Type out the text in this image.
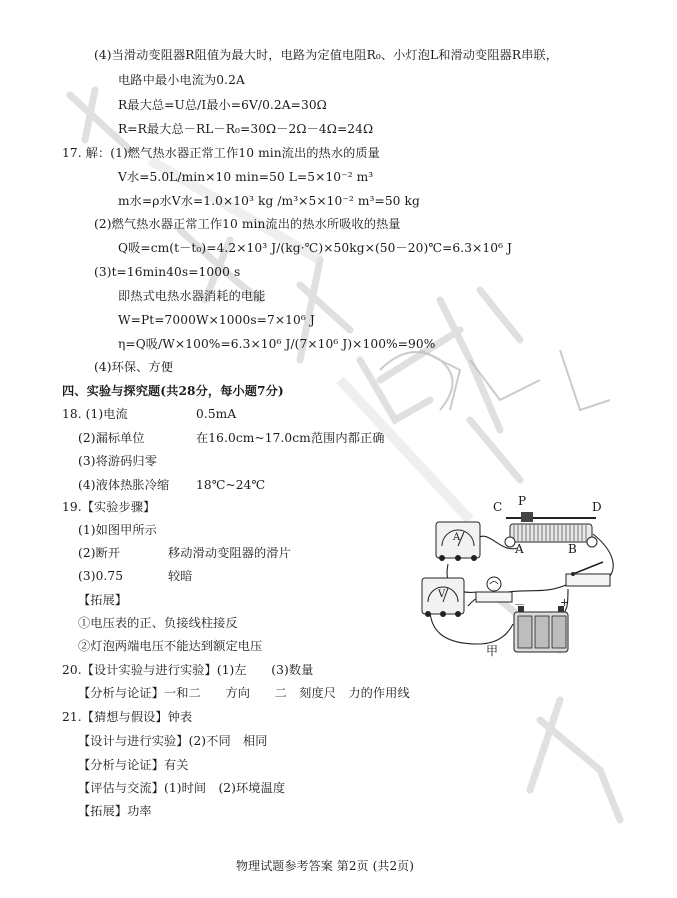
(4)当滑动变阻器R阻值为最大时，电路为定值电阻R₀、小灯泡L和滑动变阻器R串联，
电路中最小电流为0.2A
R最大总=U总/I最小=6V/0.2A=30Ω
R=R最大总－RL－R₀=30Ω－2Ω－4Ω=24Ω
17. 解：(1)燃气热水器正常工作10 min流出的热水的质量
V水=5.0L/min×10 min=50 L=5×10⁻² m³
m水=ρ水V水=1.0×10³ kg /m³×5×10⁻² m³=50 kg
(2)燃气热水器正常工作10 min流出的热水所吸收的热量
Q吸=cm(t－t₀)=4.2×10³ J/(kg·℃)×50kg×(50－20)℃=6.3×10⁶ J
(3)t=16min40s=1000 s
即热式电热水器消耗的电能
W=Pt=7000W×1000s=7×10⁶ J
η=Q吸/W×100%=6.3×10⁶ J/(7×10⁶ J)×100%=90%
(4)环保、方便
四、实验与探究题(共28分，每小题7分)
18. (1)电流	0.5mA
(2)漏标单位	在16.0cm~17.0cm范围内都正确
(3)将游码归零
(4)液体热胀冷缩 18℃~24℃
19.【实验步骤】
(1)如图甲所示
(2)断开	移动滑动变阻器的滑片
(3)0.75	较暗
【拓展】
①电压表的正、负接线柱接反
②灯泡两端电压不能达到额定电压
20.【设计实验与进行实验】(1)左　　(3)数量
【分析与论证】一和二　　方向　　二　刻度尺　力的作用线
21.【猜想与假设】钟表
【设计与进行实验】(2)不同　相同
【分析与论证】有关
【评估与交流】(1)时间　(2)环境温度
【拓展】功率
C P	D
A	B
A
V
－	+
甲
物理试题参考答案 第2页 (共2页)
